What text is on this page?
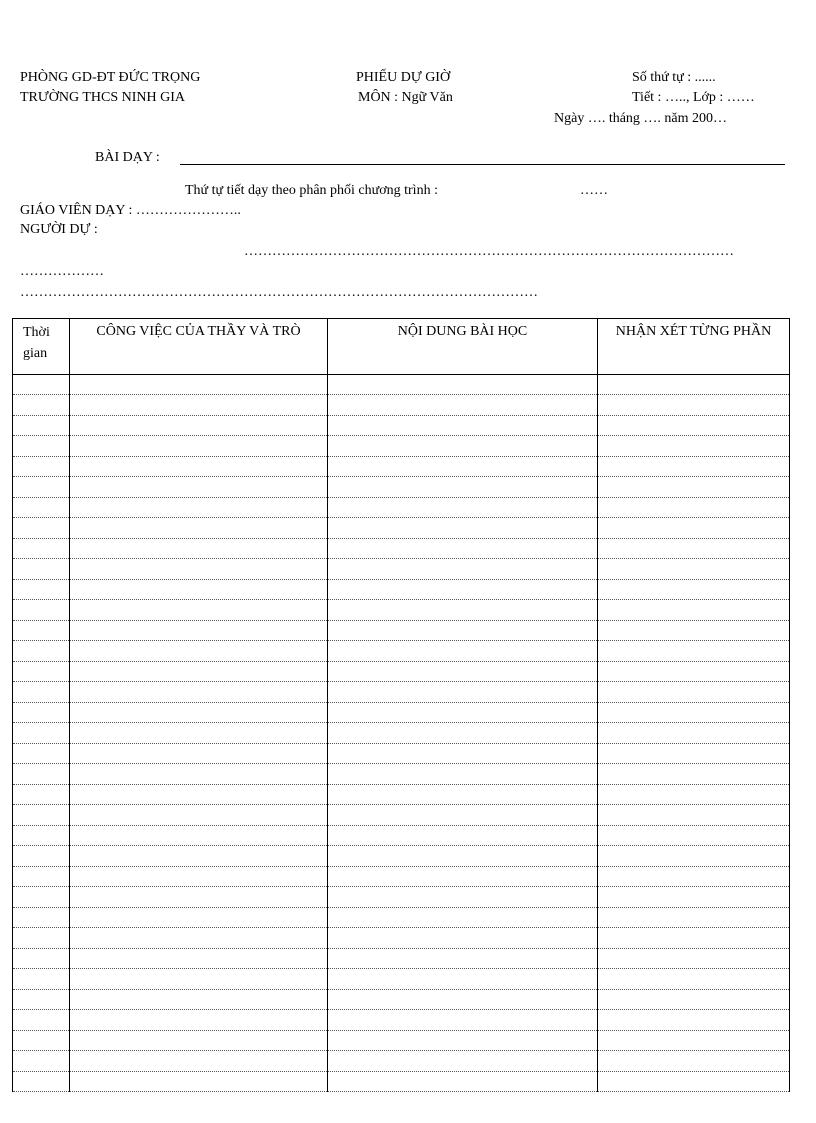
PHÒNG GD-ĐT ĐỨC TRỌNG
TRƯỜNG THCS NINH GIA
PHIẾU DỰ GIỜ
MÔN : Ngữ Văn
Số thứ tự : ......
Tiết : ….., Lớp : ……
Ngày …. tháng …. năm 200…
BÀI DẠY :
Thứ tự tiết dạy theo phân phối chương trình :	……
GIÁO VIÊN DẠY : …………………..
NGƯỜI DỰ :
……………………………………………………………………………………………
………………
…………………………………………………………………………………………………
Thời gian	CÔNG VIỆC CỦA THẦY VÀ TRÒ	NỘI DUNG BÀI HỌC	NHẬN XÉT TỪNG PHẦN
